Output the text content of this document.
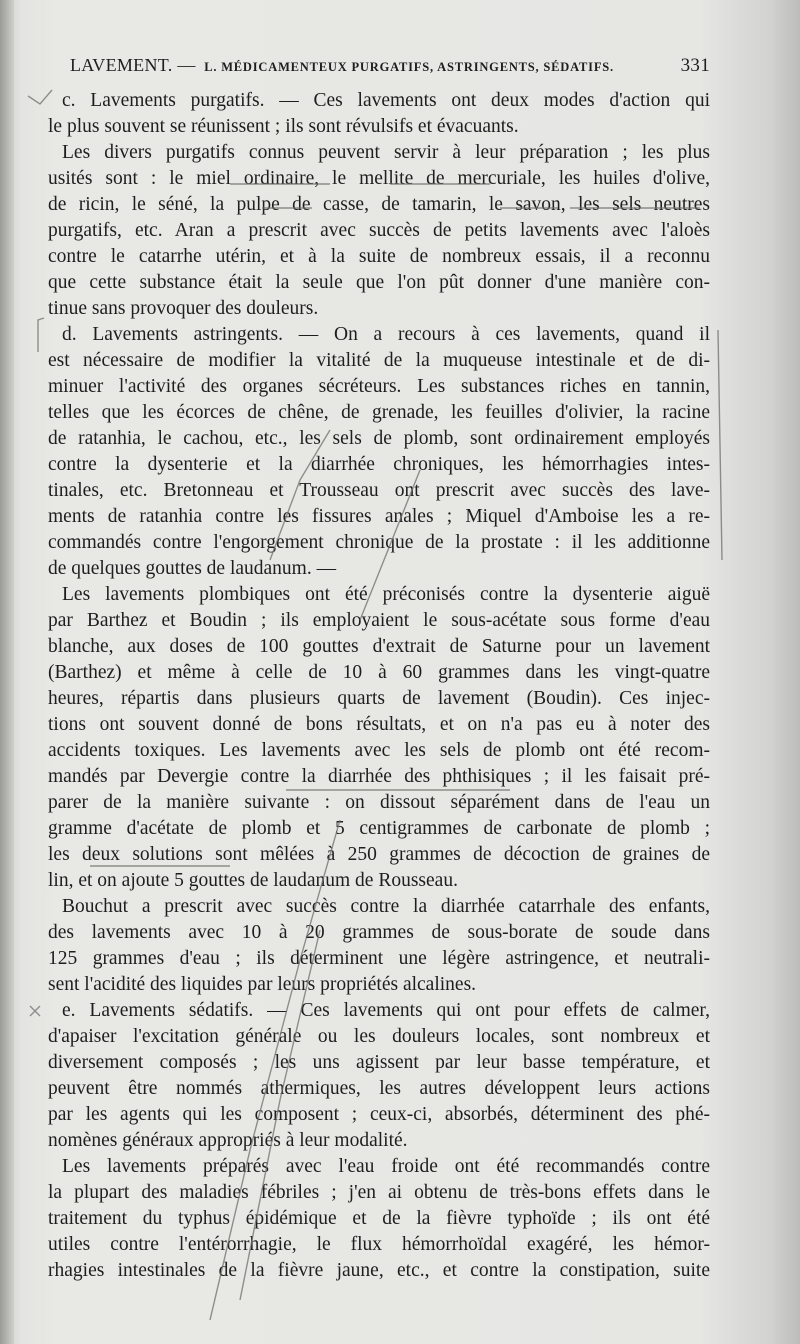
LAVEMENT. — L. MÉDICAMENTEUX PURGATIFS, ASTRINGENTS, SÉDATIFS.	331
c. Lavements purgatifs. — Ces lavements ont deux modes d'action qui
le plus souvent se réunissent ; ils sont révulsifs et évacuants.
Les divers purgatifs connus peuvent servir à leur préparation ; les plus
usités sont : le miel ordinaire, le mellite de mercuriale, les huiles d'olive,
de ricin, le séné, la pulpe de casse, de tamarin, le savon, les sels neutres
purgatifs, etc. Aran a prescrit avec succès de petits lavements avec l'aloès
contre le catarrhe utérin, et à la suite de nombreux essais, il a reconnu
que cette substance était la seule que l'on pût donner d'une manière con-
tinue sans provoquer des douleurs.
d. Lavements astringents. — On a recours à ces lavements, quand il
est nécessaire de modifier la vitalité de la muqueuse intestinale et de di-
minuer l'activité des organes sécréteurs. Les substances riches en tannin,
telles que les écorces de chêne, de grenade, les feuilles d'olivier, la racine
de ratanhia, le cachou, etc., les sels de plomb, sont ordinairement employés
contre la dysenterie et la diarrhée chroniques, les hémorrhagies intes-
tinales, etc. Bretonneau et Trousseau ont prescrit avec succès des lave-
ments de ratanhia contre les fissures anales ; Miquel d'Amboise les a re-
commandés contre l'engorgement chronique de la prostate : il les additionne
de quelques gouttes de laudanum. —
Les lavements plombiques ont été préconisés contre la dysenterie aiguë
par Barthez et Boudin ; ils employaient le sous-acétate sous forme d'eau
blanche, aux doses de 100 gouttes d'extrait de Saturne pour un lavement
(Barthez) et même à celle de 10 à 60 grammes dans les vingt-quatre
heures, répartis dans plusieurs quarts de lavement (Boudin). Ces injec-
tions ont souvent donné de bons résultats, et on n'a pas eu à noter des
accidents toxiques. Les lavements avec les sels de plomb ont été recom-
mandés par Devergie contre la diarrhée des phthisiques ; il les faisait pré-
parer de la manière suivante : on dissout séparément dans de l'eau un
gramme d'acétate de plomb et 5 centigrammes de carbonate de plomb ;
les deux solutions sont mêlées à 250 grammes de décoction de graines de
lin, et on ajoute 5 gouttes de laudanum de Rousseau.
Bouchut a prescrit avec succès contre la diarrhée catarrhale des enfants,
des lavements avec 10 à 20 grammes de sous-borate de soude dans
125 grammes d'eau ; ils déterminent une légère astringence, et neutrali-
sent l'acidité des liquides par leurs propriétés alcalines.
e. Lavements sédatifs. — Ces lavements qui ont pour effets de calmer,
d'apaiser l'excitation générale ou les douleurs locales, sont nombreux et
diversement composés ; les uns agissent par leur basse température, et
peuvent être nommés athermiques, les autres développent leurs actions
par les agents qui les composent ; ceux-ci, absorbés, déterminent des phé-
nomènes généraux appropriés à leur modalité.
Les lavements préparés avec l'eau froide ont été recommandés contre
la plupart des maladies fébriles ; j'en ai obtenu de très-bons effets dans le
traitement du typhus épidémique et de la fièvre typhoïde ; ils ont été
utiles contre l'entérorrhagie, le flux hémorrhoïdal exagéré, les hémor-
rhagies intestinales de la fièvre jaune, etc., et contre la constipation, suite
